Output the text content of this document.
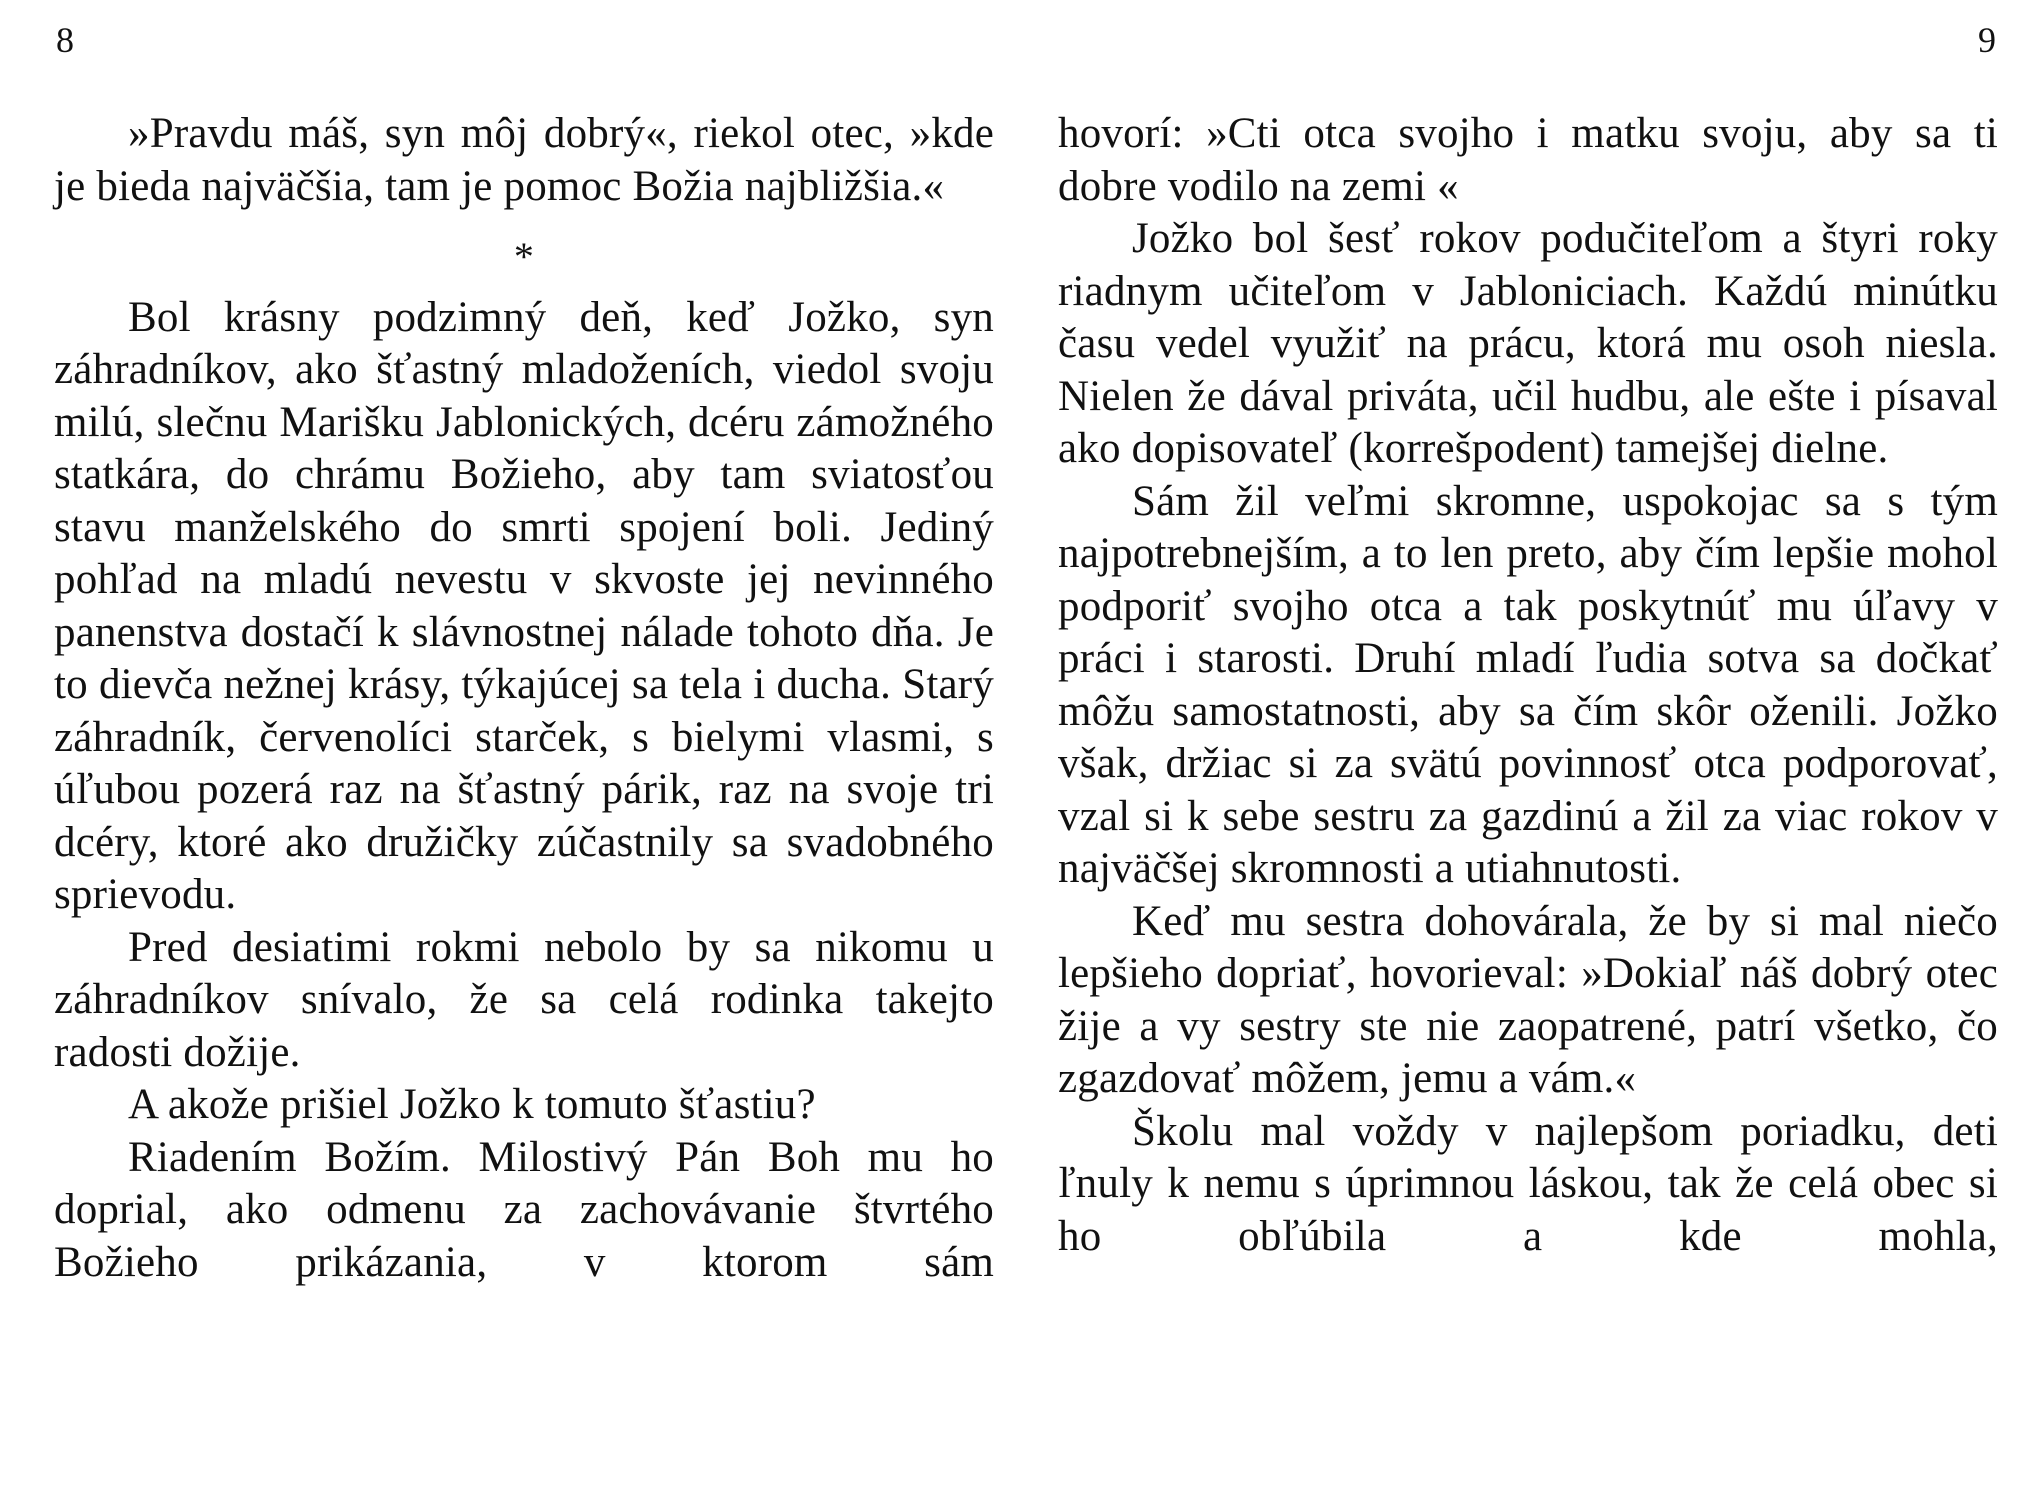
8	9

»Pravdu máš, syn môj dobrý«, riekol otec, »kde je bieda najväčšia, tam je pomoc Božia najbližšia.«

*

Bol krásny podzimný deň, keď Jožko, syn záhradníkov, ako šťastný mladoženích, viedol svoju milú, slečnu Marišku Jablonických, dcéru zámožného statkára, do chrámu Božieho, aby tam sviatosťou stavu manželského do smrti spojení boli. Jediný pohľad na mladú nevestu v skvoste jej nevinného panenstva dostačí k slávnostnej nálade tohoto dňa. Je to dievča nežnej krásy, týkajúcej sa tela i ducha. Starý záhradník, červenolíci starček, s bielymi vlasmi, s úľubou pozerá raz na šťastný párik, raz na svoje tri dcéry, ktoré ako družičky zúčastnily sa svadobného sprievodu.

Pred desiatimi rokmi nebolo by sa nikomu u záhradníkov snívalo, že sa celá rodinka takejto radosti dožije.

A akože prišiel Jožko k tomuto šťastiu?

Riadením Božím. Milostivý Pán Boh mu ho doprial, ako odmenu za zachovávanie štvrtého Božieho prikázania, v ktorom sám

hovorí: »Cti otca svojho i matku svoju, aby sa ti dobre vodilo na zemi «

Jožko bol šesť rokov podučiteľom a štyri roky riadnym učiteľom v Jabloniciach. Každú minútku času vedel využiť na prácu, ktorá mu osoh niesla. Nielen že dával priváta, učil hudbu, ale ešte i písaval ako dopisovateľ (korrešpodent) tamejšej dielne.

Sám žil veľmi skromne, uspokojac sa s tým najpotrebnejším, a to len preto, aby čím lepšie mohol podporiť svojho otca a tak poskytnúť mu úľavy v práci i starosti. Druhí mladí ľudia sotva sa dočkať môžu samostatnosti, aby sa čím skôr oženili. Jožko však, držiac si za svätú povinnosť otca podporovať, vzal si k sebe sestru za gazdinú a žil za viac rokov v najväčšej skromnosti a utiahnutosti.

Keď mu sestra dohovárala, že by si mal niečo lepšieho dopriať, hovorieval: »Dokiaľ náš dobrý otec žije a vy sestry ste nie zaopatrené, patrí všetko, čo zgazdovať môžem, jemu a vám.«

Školu mal voždy v najlepšom poriadku, deti ľnuly k nemu s úprimnou láskou, tak že celá obec si ho obľúbila a kde mohla,
